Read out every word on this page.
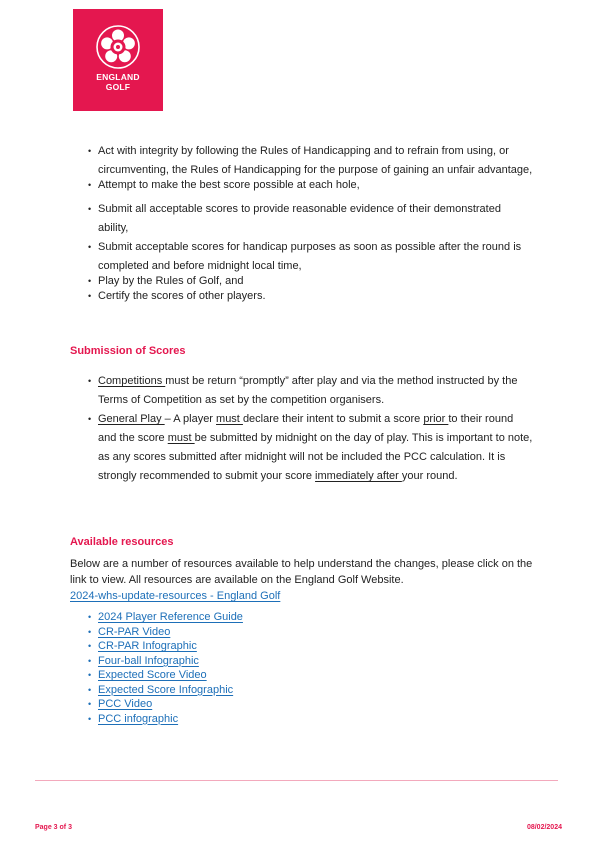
ENGLAND
GOLF
• Act with integrity by following the Rules of Handicapping and to refrain from using, or circumventing, the Rules of Handicapping for the purpose of gaining an unfair advantage,
• Attempt to make the best score possible at each hole,
• Submit all acceptable scores to provide reasonable evidence of their demonstrated ability,
• Submit acceptable scores for handicap purposes as soon as possible after the round is completed and before midnight local time,
• Play by the Rules of Golf, and
• Certify the scores of other players.
Submission of Scores
• Competitions must be return “promptly” after play and via the method instructed by the Terms of Competition as set by the competition organisers.
• General Play – A player must declare their intent to submit a score prior to their round and the score must be submitted by midnight on the day of play. This is important to note, as any scores submitted after midnight will not be included the PCC calculation. It is strongly recommended to submit your score immediately after your round.
Available resources

Below are a number of resources available to help understand the changes, please click on the link to view. All resources are available on the England Golf Website.
2024-whs-update-resources - England Golf

• 2024 Player Reference Guide
• CR-PAR Video
• CR-PAR Infographic
• Four-ball Infographic
• Expected Score Video
• Expected Score Infographic
• PCC Video
• PCC infographic
Page 3 of 3	08/02/2024
